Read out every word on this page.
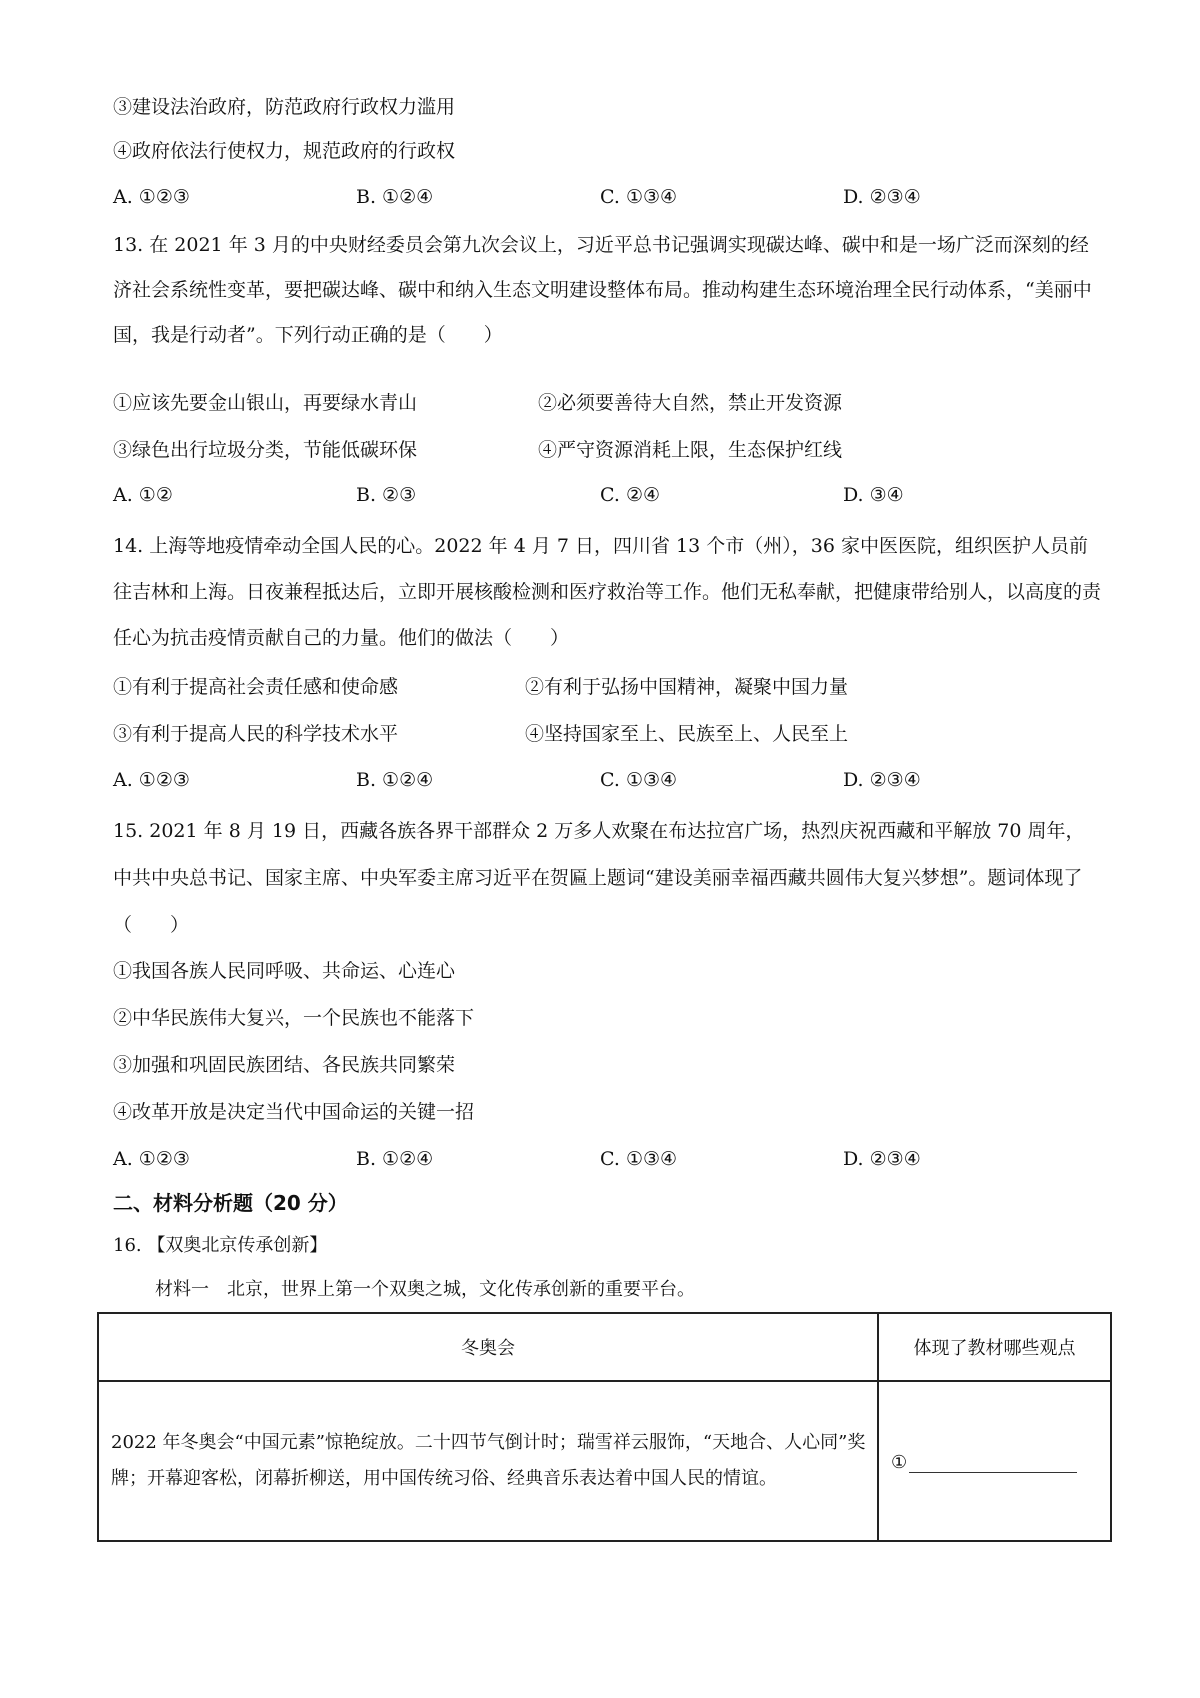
③建设法治政府，防范政府行政权力滥用
④政府依法行使权力，规范政府的行政权
A. ①②③	B. ①②④	C. ①③④	D. ②③④
13. 在 2021 年 3 月的中央财经委员会第九次会议上，习近平总书记强调实现碳达峰、碳中和是一场广泛而深刻的经济社会系统性变革，要把碳达峰、碳中和纳入生态文明建设整体布局。推动构建生态环境治理全民行动体系，“美丽中国，我是行动者”。下列行动正确的是（　　）
①应该先要金山银山，再要绿水青山	②必须要善待大自然，禁止开发资源
③绿色出行垃圾分类，节能低碳环保	④严守资源消耗上限，生态保护红线
A. ①②	B. ②③	C. ②④	D. ③④
14. 上海等地疫情牵动全国人民的心。2022 年 4 月 7 日，四川省 13 个市（州），36 家中医医院，组织医护人员前往吉林和上海。日夜兼程抵达后，立即开展核酸检测和医疗救治等工作。他们无私奉献，把健康带给别人，以高度的责任心为抗击疫情贡献自己的力量。他们的做法（　　）
①有利于提高社会责任感和使命感	②有利于弘扬中国精神，凝聚中国力量
③有利于提高人民的科学技术水平	④坚持国家至上、民族至上、人民至上
A. ①②③	B. ①②④	C. ①③④	D. ②③④
15. 2021 年 8 月 19 日，西藏各族各界干部群众 2 万多人欢聚在布达拉宫广场，热烈庆祝西藏和平解放 70 周年，中共中央总书记、国家主席、中央军委主席习近平在贺匾上题词“建设美丽幸福西藏共圆伟大复兴梦想”。题词体现了（　　）
①我国各族人民同呼吸、共命运、心连心
②中华民族伟大复兴，一个民族也不能落下
③加强和巩固民族团结、各民族共同繁荣
④改革开放是决定当代中国命运的关键一招
A. ①②③	B. ①②④	C. ①③④	D. ②③④
二、材料分析题（20 分）
16. 【双奥北京传承创新】
材料一　北京，世界上第一个双奥之城，文化传承创新的重要平台。
冬奥会	体现了教材哪些观点
2022 年冬奥会“中国元素”惊艳绽放。二十四节气倒计时；瑞雪祥云服饰，“天地合、人心同”奖牌；开幕迎客松，闭幕折柳送，用中国传统习俗、经典音乐表达着中国人民的情谊。	①
